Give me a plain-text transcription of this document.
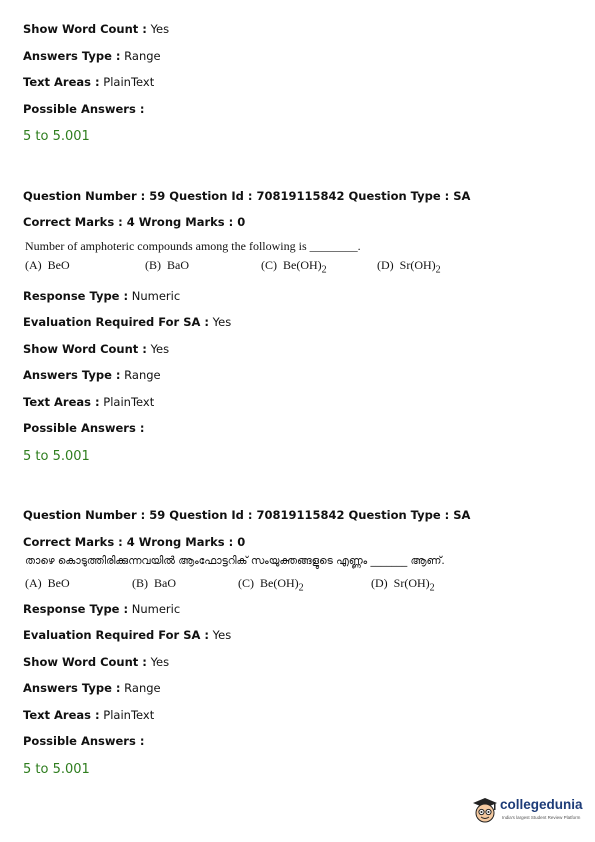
Show Word Count : Yes
Answers Type : Range
Text Areas : PlainText
Possible Answers :
5 to 5.001
Question Number : 59 Question Id : 70819115842 Question Type : SA
Correct Marks : 4 Wrong Marks : 0
Number of amphoteric compounds among the following is ________.
(A) BeO	(B) BaO	(C) $Be(OH)_2$	(D) $Sr(OH)_2$
Response Type : Numeric
Evaluation Required For SA : Yes
Show Word Count : Yes
Answers Type : Range
Text Areas : PlainText
Possible Answers :
5 to 5.001
Question Number : 59 Question Id : 70819115842 Question Type : SA
Correct Marks : 4 Wrong Marks : 0
താഴെ കൊടുത്തിരിക്കുന്നവയിൽ ആംഫോട്ടറിക് സംയുക്തങ്ങളുടെ എണ്ണം _______ ആണ്.
(A) BeO	(B) BaO	(C) $Be(OH)_2$	(D) $Sr(OH)_2$
Response Type : Numeric
Evaluation Required For SA : Yes
Show Word Count : Yes
Answers Type : Range
Text Areas : PlainText
Possible Answers :
5 to 5.001
collegedunia
India's largest Student Review Platform
